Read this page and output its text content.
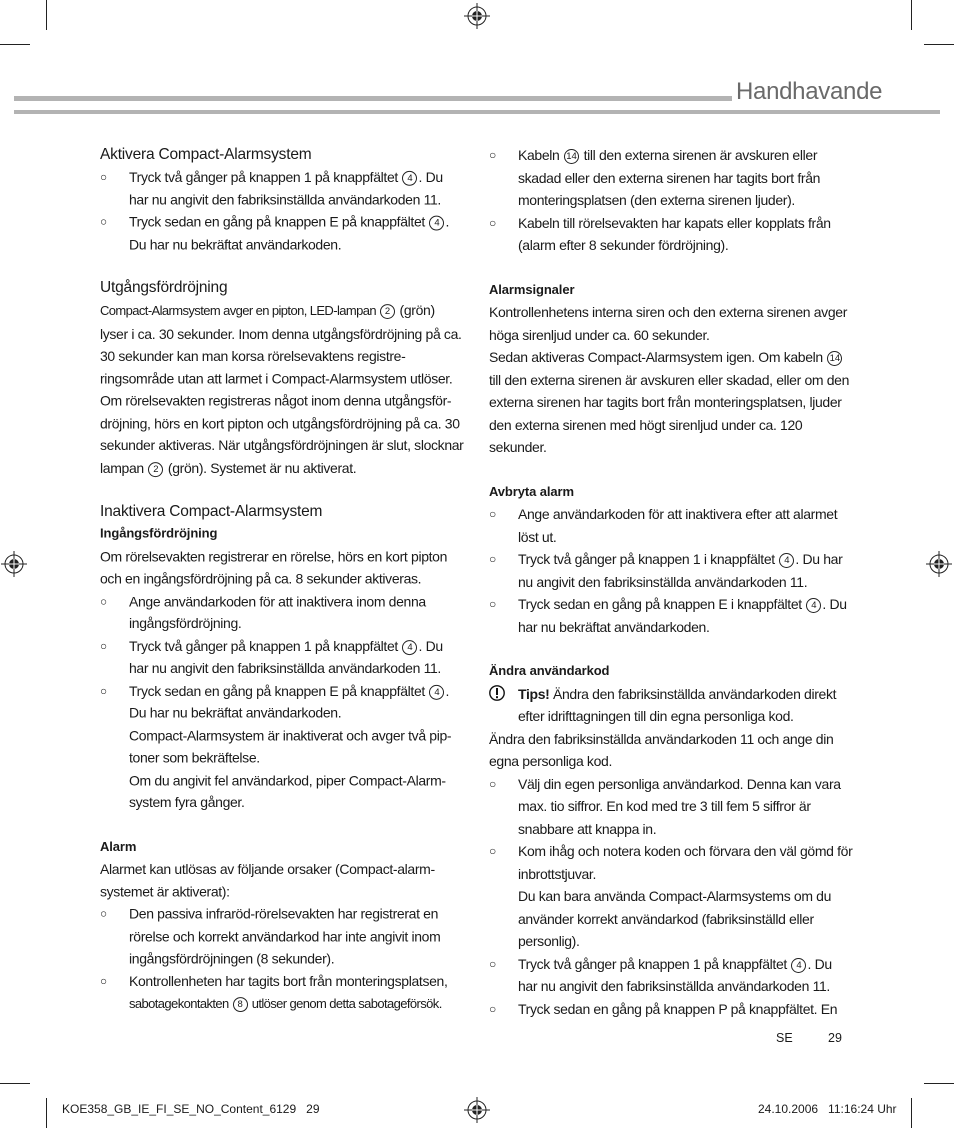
Handhavande

Aktivera Compact-Alarmsystem

○ Tryck två gånger på knappen 1 på knappfältet 4 . Du har nu angivit den fabriksinställda användarkoden 11.

○ Tryck sedan en gång på knappen E på knappfältet 4 . Du har nu bekräftat användarkoden.

Utgångsfördröjning

Compact-Alarmsystem avger en pipton, LED-lampan 2 (grön) lyser i ca. 30 sekunder. Inom denna utgångsfördröjning på ca. 30 sekunder kan man korsa rörelsevaktens registre-ringsområde utan att larmet i Compact-Alarmsystem utlöser. Om rörelsevakten registreras något inom denna utgångsför-dröjning, hörs en kort pipton och utgångsfördröjning på ca. 30 sekunder aktiveras. När utgångsfördröjningen är slut, slocknar lampan 2 (grön). Systemet är nu aktiverat.

Inaktivera Compact-Alarmsystem

Ingångsfördröjning

Om rörelsevakten registrerar en rörelse, hörs en kort pipton och en ingångsfördröjning på ca. 8 sekunder aktiveras.

○ Ange användarkoden för att inaktivera inom denna ingångsfördröjning.

○ Tryck två gånger på knappen 1 på knappfältet 4 . Du har nu angivit den fabriksinställda användarkoden 11.

○ Tryck sedan en gång på knappen E på knappfältet 4 . Du har nu bekräftat användarkoden.

Compact-Alarmsystem är inaktiverat och avger två pip-toner som bekräftelse.

Om du angivit fel användarkod, piper Compact-Alarm-system fyra gånger.

Alarm

Alarmet kan utlösas av följande orsaker (Compact-alarm-systemet är aktiverat):

○ Den passiva infraröd-rörelsevakten har registrerat en rörelse och korrekt användarkod har inte angivit inom ingångsfördröjningen (8 sekunder).

○ Kontrollenheten har tagits bort från monteringsplatsen, sabotagekontakten 8 utlöser genom detta sabotageförsök.

○ Kabeln 14 till den externa sirenen är avskuren eller skadad eller den externa sirenen har tagits bort från monteringsplatsen (den externa sirenen ljuder).

○ Kabeln till rörelsevakten har kapats eller kopplats från (alarm efter 8 sekunder fördröjning).

Alarmsignaler

Kontrollenhetens interna siren och den externa sirenen avger höga sirenljud under ca. 60 sekunder.

Sedan aktiveras Compact-Alarmsystem igen. Om kabeln 14 till den externa sirenen är avskuren eller skadad, eller om den externa sirenen har tagits bort från monteringsplatsen, ljuder den externa sirenen med högt sirenljud under ca. 120 sekunder.

Avbryta alarm

○ Ange användarkoden för att inaktivera efter att alarmet löst ut.

○ Tryck två gånger på knappen 1 i knappfältet 4 . Du har nu angivit den fabriksinställda användarkoden 11.

○ Tryck sedan en gång på knappen E i knappfältet 4 . Du har nu bekräftat användarkoden.

Ändra användarkod

Tips! Ändra den fabriksinställda användarkoden direkt efter idrifttagningen till din egna personliga kod.

Ändra den fabriksinställda användarkoden 11 och ange din egna personliga kod.

○ Välj din egen personliga användarkod. Denna kan vara max. tio siffror. En kod med tre 3 till fem 5 siffror är snabbare att knappa in.

○ Kom ihåg och notera koden och förvara den väl gömd för inbrottstjuvar.

Du kan bara använda Compact-Alarmsystems om du använder korrekt användarkod (fabriksinställd eller personlig).

○ Tryck två gånger på knappen 1 på knappfältet 4 . Du har nu angivit den fabriksinställda användarkoden 11.

○ Tryck sedan en gång på knappen P på knappfältet. En

SE	29
KOE358_GB_IE_FI_SE_NO_Content_6129   29	24.10.2006   11:16:24 Uhr
